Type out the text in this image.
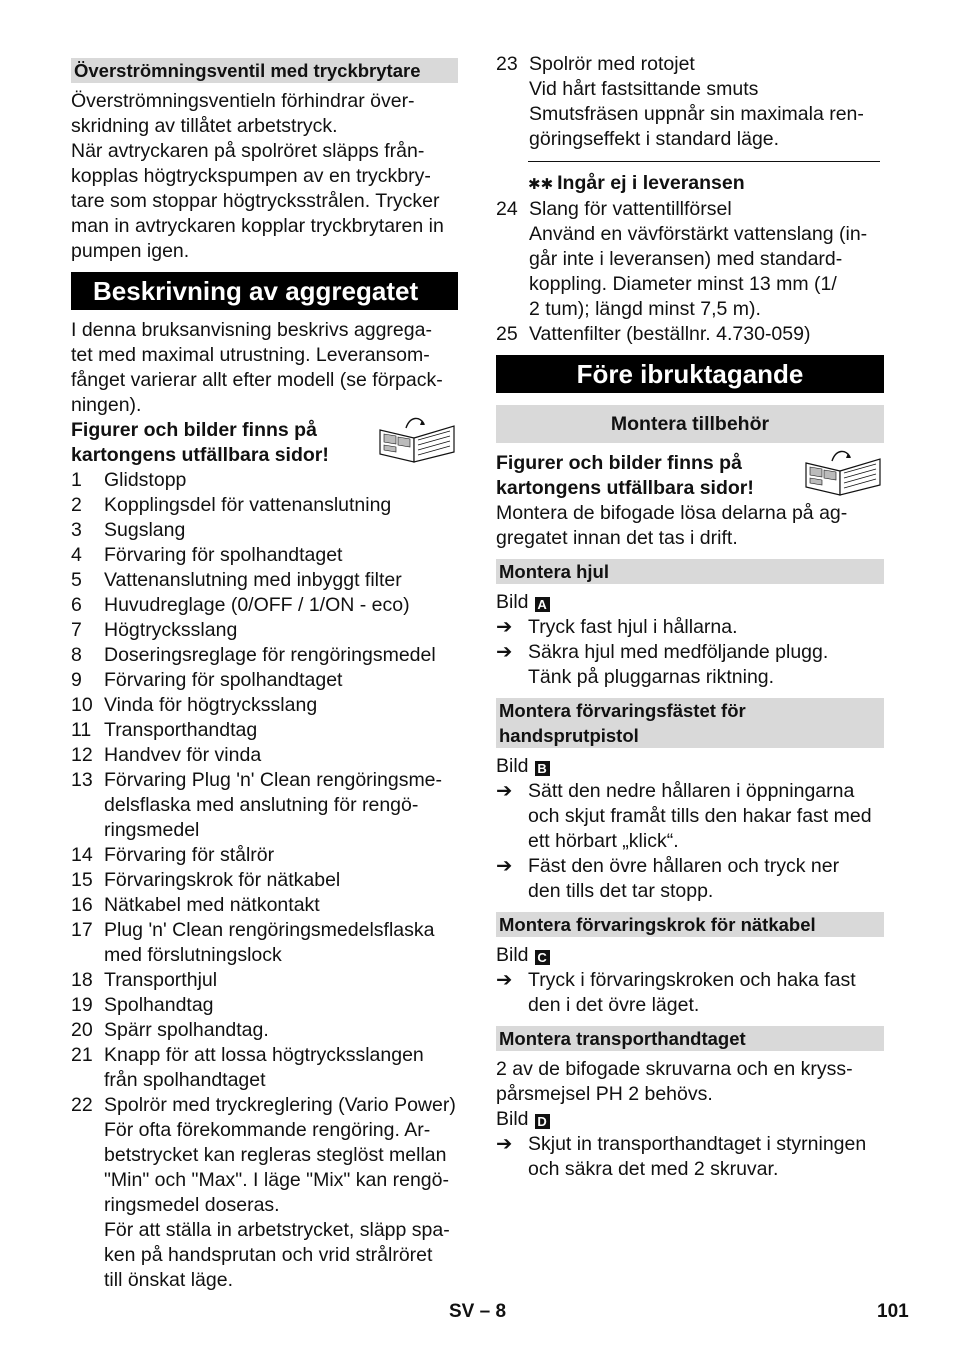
Överströmningsventil med tryckbrytare

Överströmningsventieln förhindrar över-
skridning av tillåtet arbetstryck.
När avtryckaren på spolröret släpps från-
kopplas högtryckspumpen av en tryckbry-
tare som stoppar högtrycksstrålen. Trycker
man in avtryckaren kopplar tryckbrytaren in
pumpen igen.

Beskrivning av aggregatet

I denna bruksanvisning beskrivs aggrega-
tet med maximal utrustning. Leveransom-
fånget varierar allt efter modell (se förpack-
ningen).

Figurer och bilder finns på
kartongens utfällbara sidor!
1	Glidstopp
2	Kopplingsdel för vattenanslutning
3	Sugslang
4	Förvaring för spolhandtaget
5	Vattenanslutning med inbyggt filter
6	Huvudreglage (0/OFF / 1/ON - eco)
7	Högtrycksslang
8	Doseringsreglage för rengöringsmedel
9	Förvaring för spolhandtaget
10 Vinda för högtrycksslang
11 Transporthandtag
12 Handvev för vinda
13 Förvaring Plug 'n' Clean rengöringsme-
delsflaska med anslutning för rengö-
ringsmedel
14 Förvaring för stålrör
15 Förvaringskrok för nätkabel
16 Nätkabel med nätkontakt
17 Plug 'n' Clean rengöringsmedelsflaska
med förslutningslock
18 Transporthjul
19 Spolhandtag
20 Spärr spolhandtag.
21 Knapp för att lossa högtrycksslangen
från spolhandtaget
22 Spolrör med tryckreglering (Vario Power)
För ofta förekommande rengöring. Ar-
betstrycket kan regleras steglöst mellan
"Min" och "Max". I läge "Mix" kan rengö-
ringsmedel doseras.
För att ställa in arbetstrycket, släpp spa-
ken på handsprutan och vrid strålröret
till önskat läge.
23 Spolrör med rotojet
Vid hårt fastsittande smuts
Smutsfräsen uppnår sin maximala ren-
göringseffekt i standard läge.
✱✱ Ingår ej i leveransen
24 Slang för vattentillförsel
Använd en vävförstärkt vattenslang (in-
går inte i leveransen) med standard-
koppling. Diameter minst 13 mm (1/
2 tum); längd minst 7,5 m).
25 Vattenfilter (beställnr. 4.730-059)
Före ibruktagande
Montera tillbehör
Figurer och bilder finns på
kartongens utfällbara sidor!

Montera de bifogade lösa delarna på ag-
gregatet innan det tas i drift.

Montera hjul
Bild A
➔ Tryck fast hjul i hållarna.
➔ Säkra hjul med medföljande plugg.
Tänk på pluggarnas riktning.
Montera förvaringsfästet för
handsprutpistol
Bild B
➔ Sätt den nedre hållaren i öppningarna
och skjut framåt tills den hakar fast med
ett hörbart „klick“.
➔ Fäst den övre hållaren och tryck ner
den tills det tar stopp.
Montera förvaringskrok för nätkabel
Bild C
➔ Tryck i förvaringskroken och haka fast
den i det övre läget.
Montera transporthandtaget

2 av de bifogade skruvarna och en kryss-
pårsmejsel PH 2 behövs.

Bild D
➔ Skjut in transporthandtaget i styrningen
och säkra det med 2 skruvar.
SV – 8	101
